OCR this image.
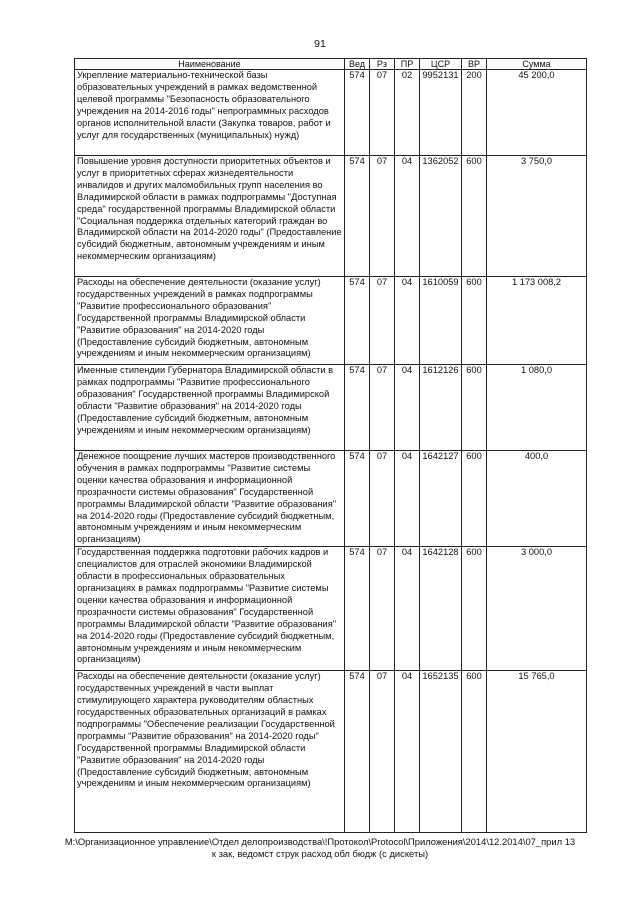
91
Наименование	Вед	Рз	ПР	ЦСР	ВР	Сумма
Укрепление материально-технической базы образовательных учреждений в рамках ведомственной целевой программы "Безопасность образовательного учреждения на 2014-2016 годы" непрограммных расходов органов исполнительной власти (Закупка товаров, работ и услуг для государственных (муниципальных) нужд)	574	07	02	9952131	200	45 200,0
Повышение уровня доступности приоритетных объектов и услуг в приоритетных сферах жизнедеятельности инвалидов и других маломобильных групп населения во Владимирской области в рамках подпрограммы "Доступная среда" государственной программы Владимирской области "Социальная поддержка отдельных категорий граждан во Владимирской области на 2014-2020 годы" (Предоставление субсидий бюджетным, автономным учреждениям и иным некоммерческим организациям)	574	07	04	1362052	600	3 750,0
Расходы на обеспечение деятельности (оказание услуг) государственных учреждений в рамках подпрограммы "Развитие профессионального образования" Государственной программы Владимирской области "Развитие образования" на 2014-2020 годы (Предоставление субсидий бюджетным, автономным учреждениям и иным некоммерческим организациям)	574	07	04	1610059	600	1 173 008,2
Именные стипендии Губернатора Владимирской области в рамках подпрограммы "Развитие профессионального образования" Государственной программы Владимирской области "Развитие образования" на 2014-2020 годы (Предоставление субсидий бюджетным, автономным учреждениям и иным некоммерческим организациям)	574	07	04	1612126	600	1 080,0
Денежное поощрение лучших мастеров производственного обучения в рамках подпрограммы "Развитие системы оценки качества образования и информационной прозрачности системы образования" Государственной программы Владимирской области "Развитие образования" на 2014-2020 годы (Предоставление субсидий бюджетным, автономным учреждениям и иным некоммерческим организациям)	574	07	04	1642127	600	400,0
Государственная поддержка подготовки рабочих кадров и специалистов для отраслей экономики Владимирской области в профессиональных образовательных организациях в рамках подпрограммы "Развитие системы оценки качества образования и информационной прозрачности системы образования" Государственной программы Владимирской области "Развитие образования" на 2014-2020 годы (Предоставление субсидий бюджетным, автономным учреждениям и иным некоммерческим организациям)	574	07	04	1642128	600	3 000,0
Расходы на обеспечение деятельности (оказание услуг) государственных учреждений в части выплат стимулирующего характера руководителям областных государственных образовательных организаций в рамках подпрограммы "Обеспечение реализации Государственной программы "Развитие образования" на 2014-2020 годы" Государственной программы Владимирской области "Развитие образования" на 2014-2020 годы (Предоставление субсидий бюджетным, автономным учреждениям и иным некоммерческим организациям)	574	07	04	1652135	600	15 765,0
M:\Организационное управление\Отдел делопроизводства\!Протокол\Protocol\Приложения\2014\12.2014\07_прил 13
к зак, ведомст струк расход обл бюдж (с дискеты)
